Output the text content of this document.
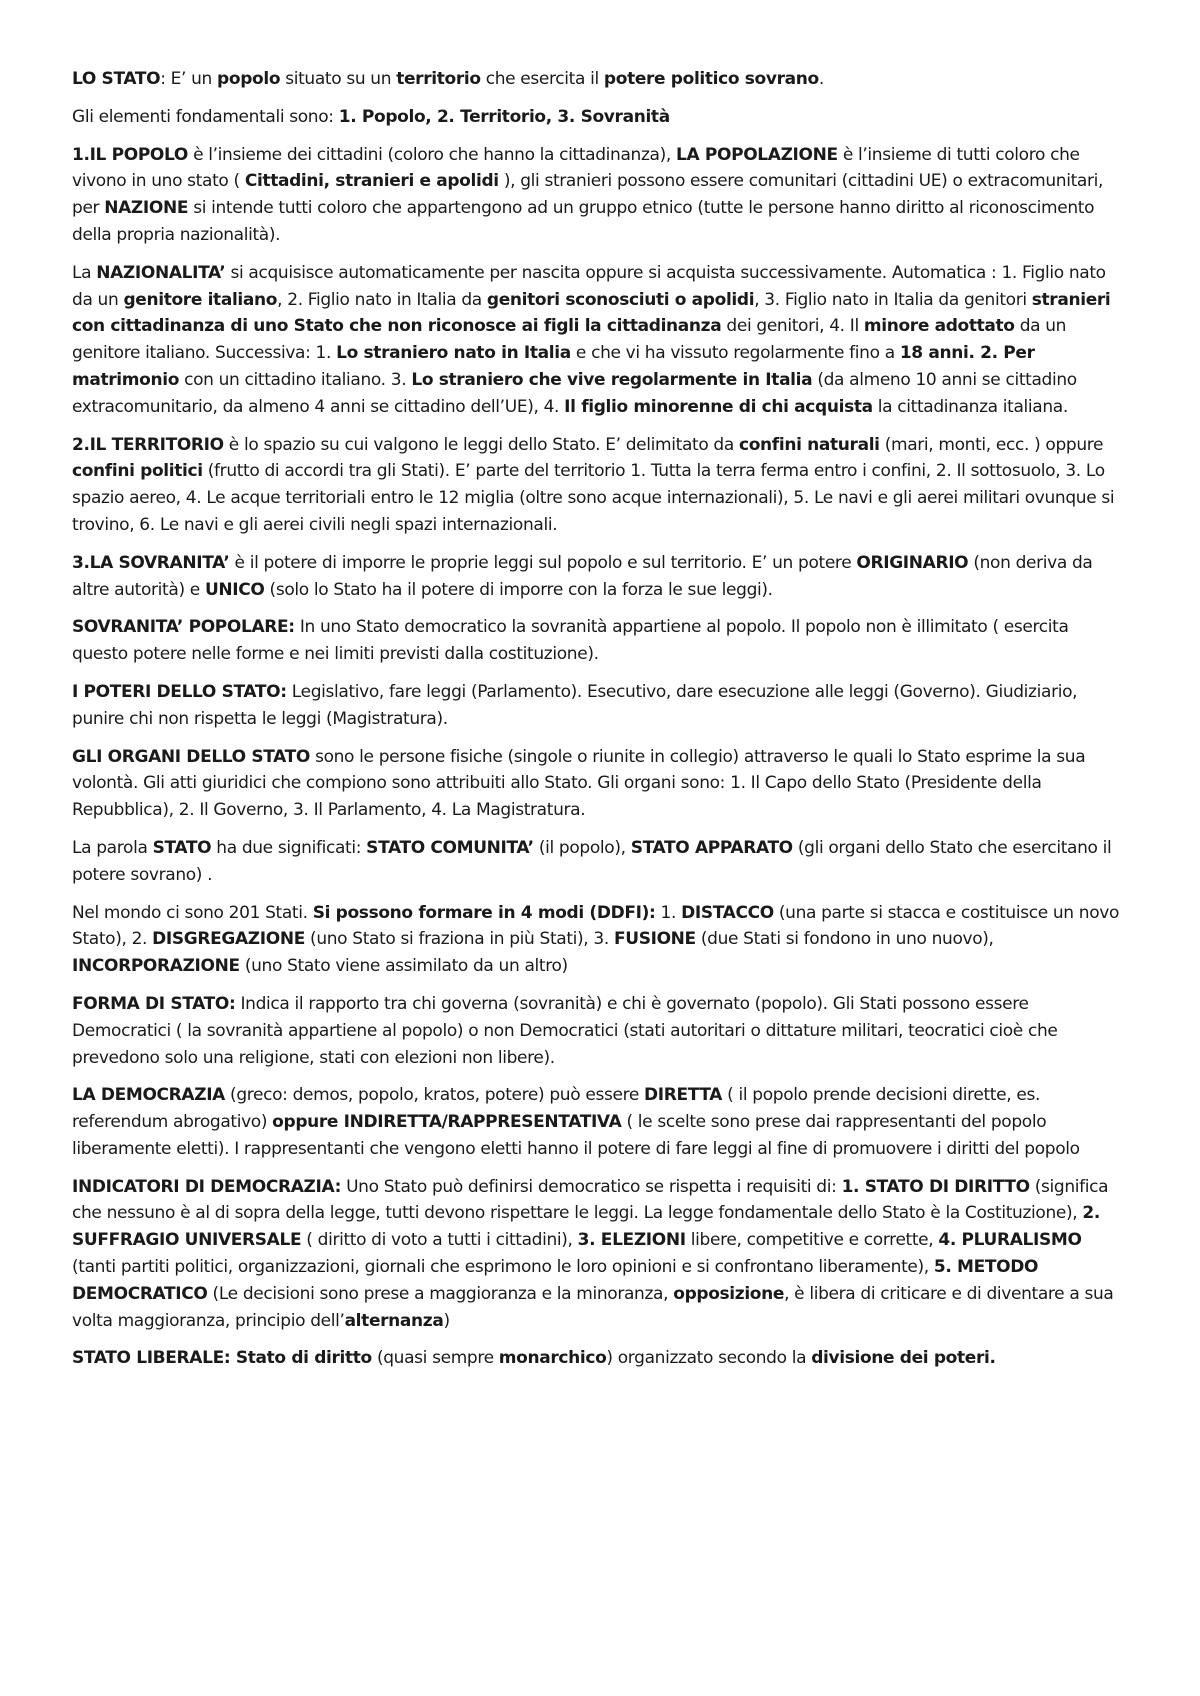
LO STATO: E’ un popolo situato su un territorio che esercita il potere politico sovrano.

Gli elementi fondamentali sono: 1. Popolo, 2. Territorio, 3. Sovranità

1.IL POPOLO è l’insieme dei cittadini (coloro che hanno la cittadinanza), LA POPOLAZIONE è l’insieme di tutti coloro che vivono in uno stato ( Cittadini, stranieri e apolidi ), gli stranieri possono essere comunitari (cittadini UE) o extracomunitari, per NAZIONE si intende tutti coloro che appartengono ad un gruppo etnico (tutte le persone hanno diritto al riconoscimento della propria nazionalità).

La NAZIONALITA’ si acquisisce automaticamente per nascita oppure si acquista successivamente. Automatica : 1. Figlio nato da un genitore italiano, 2. Figlio nato in Italia da genitori sconosciuti o apolidi, 3. Figlio nato in Italia da genitori stranieri con cittadinanza di uno Stato che non riconosce ai figli la cittadinanza dei genitori, 4. Il minore adottato da un genitore italiano. Successiva: 1. Lo straniero nato in Italia e che vi ha vissuto regolarmente fino a 18 anni. 2. Per matrimonio con un cittadino italiano. 3. Lo straniero che vive regolarmente in Italia (da almeno 10 anni se cittadino extracomunitario, da almeno 4 anni se cittadino dell’UE), 4. Il figlio minorenne di chi acquista la cittadinanza italiana.

2.IL TERRITORIO è lo spazio su cui valgono le leggi dello Stato. E’ delimitato da confini naturali (mari, monti, ecc. ) oppure confini politici (frutto di accordi tra gli Stati). E’ parte del territorio 1. Tutta la terra ferma entro i confini, 2. Il sottosuolo, 3. Lo spazio aereo, 4. Le acque territoriali entro le 12 miglia (oltre sono acque internazionali), 5. Le navi e gli aerei militari ovunque si trovino, 6. Le navi e gli aerei civili negli spazi internazionali.

3.LA SOVRANITA’ è il potere di imporre le proprie leggi sul popolo e sul territorio. E’ un potere ORIGINARIO (non deriva da altre autorità) e UNICO (solo lo Stato ha il potere di imporre con la forza le sue leggi).

SOVRANITA’ POPOLARE: In uno Stato democratico la sovranità appartiene al popolo. Il popolo non è illimitato ( esercita questo potere nelle forme e nei limiti previsti dalla costituzione).

I POTERI DELLO STATO: Legislativo, fare leggi (Parlamento). Esecutivo, dare esecuzione alle leggi (Governo). Giudiziario, punire chi non rispetta le leggi (Magistratura).

GLI ORGANI DELLO STATO sono le persone fisiche (singole o riunite in collegio) attraverso le quali lo Stato esprime la sua volontà. Gli atti giuridici che compiono sono attribuiti allo Stato. Gli organi sono: 1. Il Capo dello Stato (Presidente della Repubblica), 2. Il Governo, 3. Il Parlamento, 4. La Magistratura.

La parola STATO ha due significati: STATO COMUNITA’ (il popolo), STATO APPARATO (gli organi dello Stato che esercitano il potere sovrano) .

Nel mondo ci sono 201 Stati. Si possono formare in 4 modi (DDFI): 1. DISTACCO (una parte si stacca e costituisce un novo Stato), 2. DISGREGAZIONE (uno Stato si fraziona in più Stati), 3. FUSIONE (due Stati si fondono in uno nuovo), INCORPORAZIONE (uno Stato viene assimilato da un altro)

FORMA DI STATO: Indica il rapporto tra chi governa (sovranità) e chi è governato (popolo). Gli Stati possono essere Democratici ( la sovranità appartiene al popolo) o non Democratici (stati autoritari o dittature militari, teocratici cioè che prevedono solo una religione, stati con elezioni non libere).

LA DEMOCRAZIA (greco: demos, popolo, kratos, potere) può essere DIRETTA ( il popolo prende decisioni dirette, es. referendum abrogativo) oppure INDIRETTA/RAPPRESENTATIVA ( le scelte sono prese dai rappresentanti del popolo liberamente eletti). I rappresentanti che vengono eletti hanno il potere di fare leggi al fine di promuovere i diritti del popolo

INDICATORI DI DEMOCRAZIA: Uno Stato può definirsi democratico se rispetta i requisiti di: 1. STATO DI DIRITTO (significa che nessuno è al di sopra della legge, tutti devono rispettare le leggi. La legge fondamentale dello Stato è la Costituzione), 2. SUFFRAGIO UNIVERSALE ( diritto di voto a tutti i cittadini), 3. ELEZIONI libere, competitive e corrette, 4. PLURALISMO (tanti partiti politici, organizzazioni, giornali che esprimono le loro opinioni e si confrontano liberamente), 5. METODO DEMOCRATICO (Le decisioni sono prese a maggioranza e la minoranza, opposizione, è libera di criticare e di diventare a sua volta maggioranza, principio dell’alternanza)

STATO LIBERALE: Stato di diritto (quasi sempre monarchico) organizzato secondo la divisione dei poteri.
